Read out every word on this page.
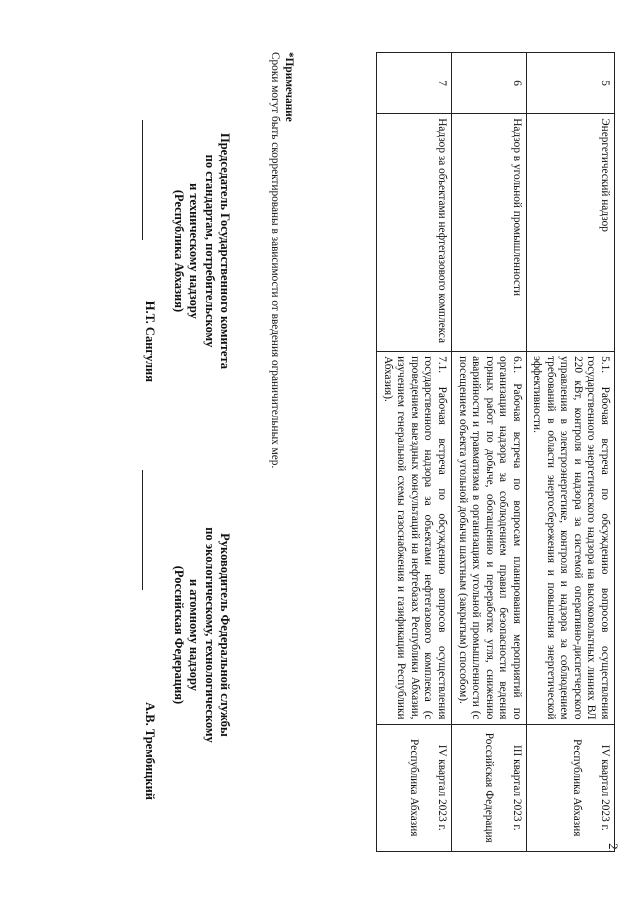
2.
5	Энергетический надзор	5.1. Рабочая встреча по обсуждению вопросов осуществления государственного энергетического надзора на высоковольтных линиях ВЛ 220 кВт, контроля и надзора за системой оперативно-диспетчерского управления в электроэнергетике, контроля и надзора за соблюдением требований в области энергосбережения и повышения энергетической эффективности.	IV квартал 2023 г.
Республика Абхазия

6	Надзор в угольной промышленности	6.1. Рабочая встреча по вопросам планирования мероприятий по организации надзора за соблюдением правил безопасности ведения горных работ по добыче, обогащению и переработке угля, снижению аварийности и травматизма в организациях угольной промышленности (с посещением объекта угольной добычи шахтным (закрытым) способом).	III квартал 2023 г.
Российская Федерация

7	Надзор за объектами нефтегазового комплекса	7.1. Рабочая встреча по обсуждению вопросов осуществления государственного надзора за объектами нефтегазового комплекса (с проведением выездных консультаций на нефтебазах Республики Абхазии, изучением генеральной схемы газоснабжения и газификации Республики Абхазия).	IV квартал 2023 г.
Республика Абхазия
*Примечание
Сроки могут быть скорректированы в зависимости от введения ограничительных мер.
Председатель Государственного комитета
по стандартам, потребительскому
и техническому надзору
(Республика Абхазия)
Н.Т. Сангулия
Руководитель Федеральной службы
по экологическому, технологическому
и атомному надзору
(Российская Федерация)
А.В. Трембицкий
